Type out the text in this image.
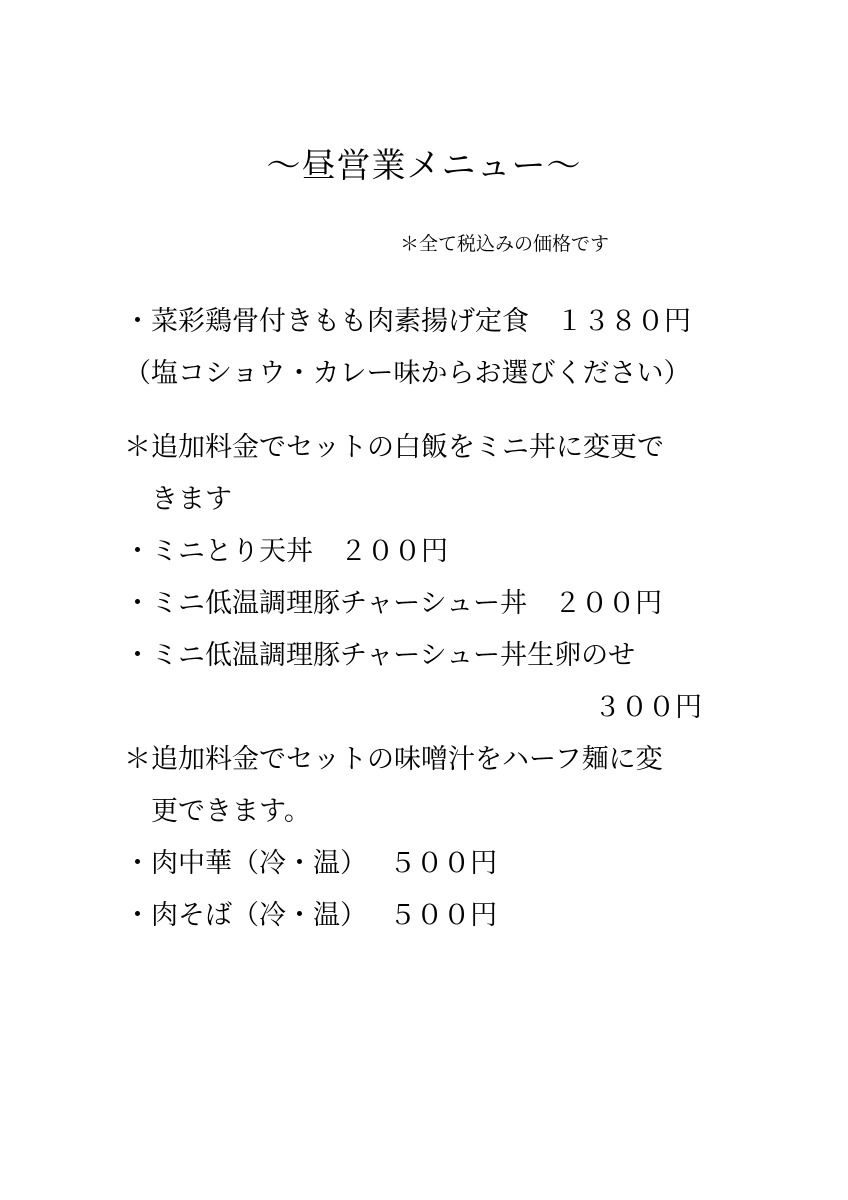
～昼営業メニュー～
＊全て税込みの価格です
・菜彩鶏骨付きもも肉素揚げ定食　１３８０円
（塩コショウ・カレー味からお選びください）
＊追加料金でセットの白飯をミニ丼に変更で
　きます
・ミニとり天丼　２００円
・ミニ低温調理豚チャーシュー丼　２００円
・ミニ低温調理豚チャーシュー丼生卵のせ
３００円
＊追加料金でセットの味噌汁をハーフ麺に変
　更できます。
・肉中華（冷・温）　 ５００円
・肉そば（冷・温）　 ５００円
